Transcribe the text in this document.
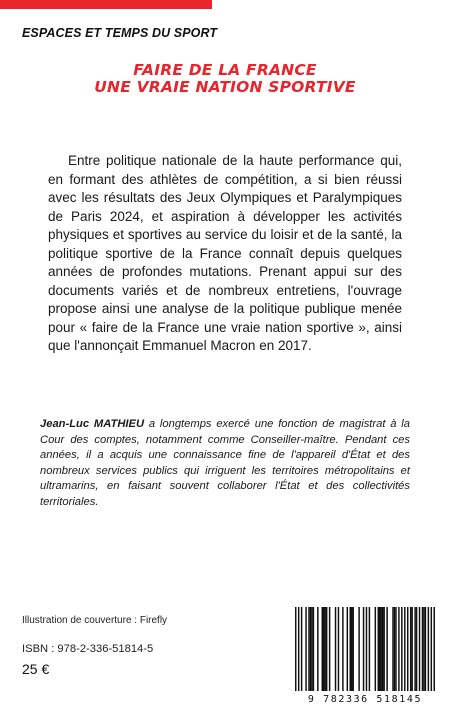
ESPACES ET TEMPS DU SPORT
FAIRE DE LA FRANCE
UNE VRAIE NATION SPORTIVE

Entre politique nationale de la haute performance qui, en formant des athlètes de compétition, a si bien réussi avec les résultats des Jeux Olympiques et Paralympiques de Paris 2024, et aspiration à développer les activités physiques et sportives au service du loisir et de la santé, la politique sportive de la France connaît depuis quelques années de profondes mutations. Prenant appui sur des documents variés et de nombreux entretiens, l'ouvrage propose ainsi une analyse de la politique publique menée pour « faire de la France une vraie nation sportive », ainsi que l'annonçait Emmanuel Macron en 2017.

Jean-Luc MATHIEU a longtemps exercé une fonction de magistrat à la Cour des comptes, notamment comme Conseiller-maître. Pendant ces années, il a acquis une connaissance fine de l'appareil d'État et des nombreux services publics qui irriguent les territoires métropolitains et ultramarins, en faisant souvent collaborer l'État et des collectivités territoriales.

Illustration de couverture : Firefly
ISBN : 978-2-336-51814-5
25 €
9 782336 518145
